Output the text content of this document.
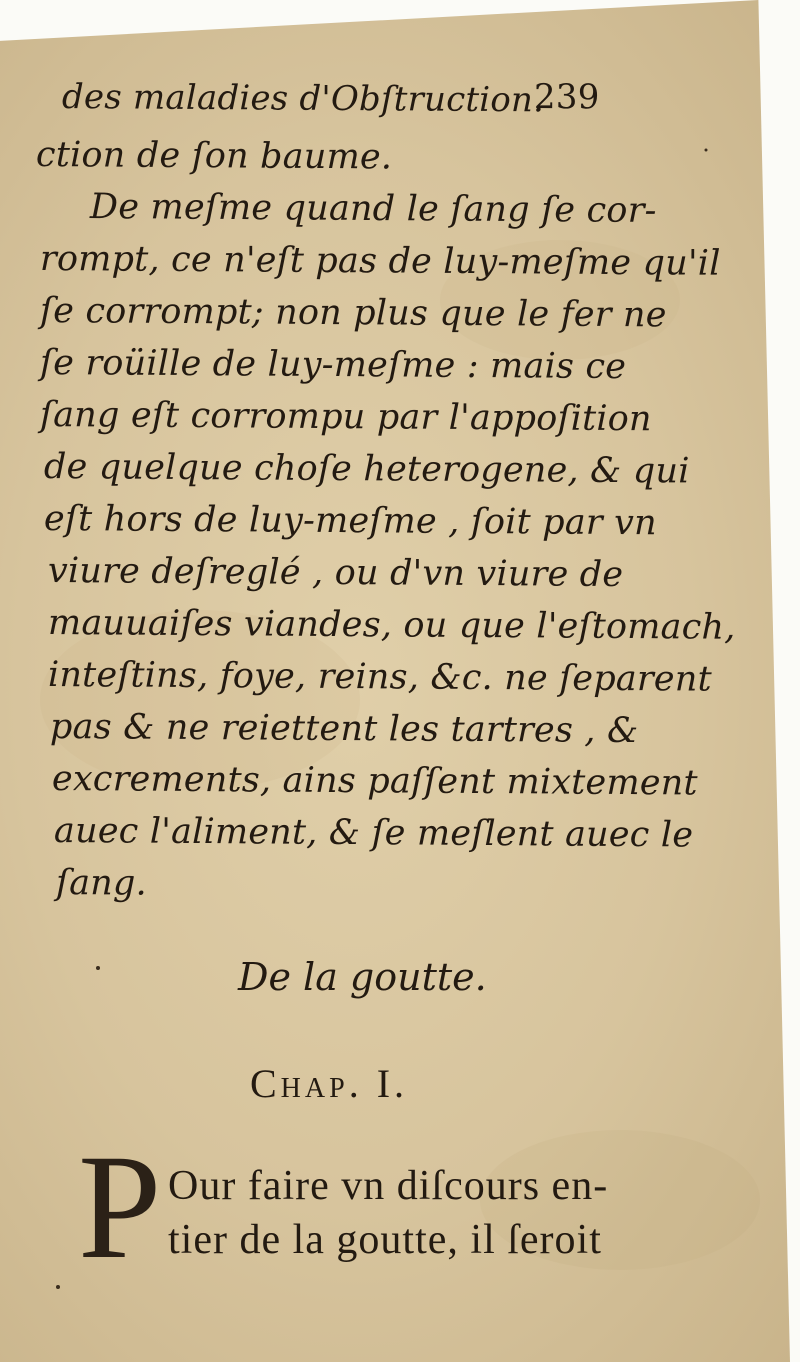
des maladies d'Obſtruction.

239

ction de ſon baume.

De meſme quand le ſang ſe cor-

rompt, ce n'eſt pas de luy-meſme qu'il

ſe corrompt; non plus que le fer ne

ſe roüille de luy-meſme : mais ce

ſang eſt corrompu par l'appoſition

de quelque choſe heterogene, & qui

eſt hors de luy-meſme , ſoit par vn

viure deſreglé , ou d'vn viure de

mauuaiſes viandes, ou que l'eſtomach,

inteſtins, foye, reins, &c. ne ſeparent

pas & ne reiettent les tartres , &

excrements, ains paſſent mixtement

auec l'aliment, & ſe meſlent auec le

ſang.

De la goutte.

Chap. I.

P Our faire vn diſcours en-

tier de la goutte, il ſeroit
